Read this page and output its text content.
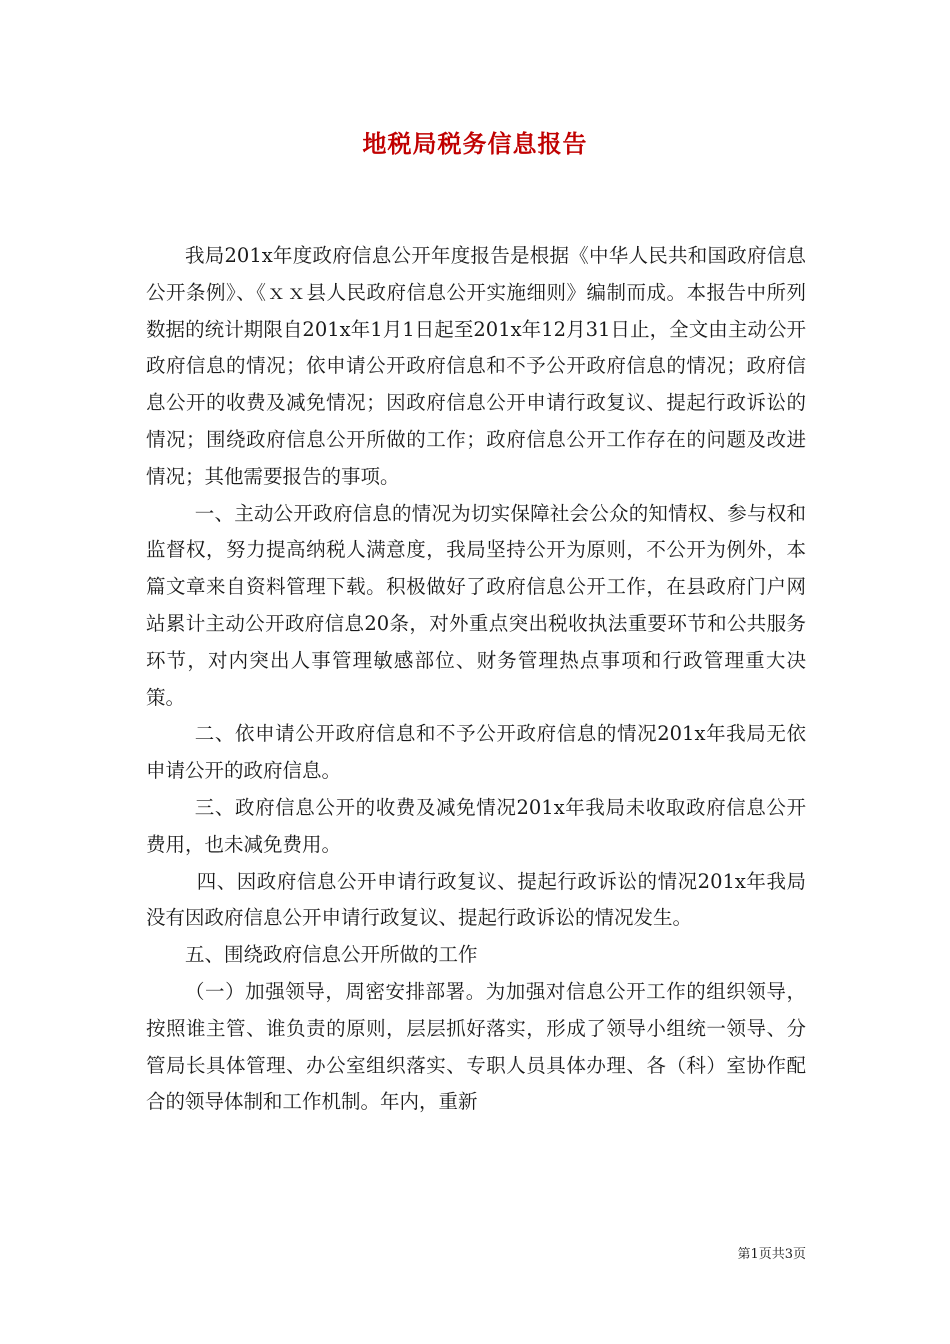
地税局税务信息报告

我局201x年度政府信息公开年度报告是根据《中华人民共和国政府信息公开条例》、《ｘｘ县人民政府信息公开实施细则》编制而成。本报告中所列数据的统计期限自201x年1月1日起至201x年12月31日止，全文由主动公开政府信息的情况；依申请公开政府信息和不予公开政府信息的情况；政府信息公开的收费及减免情况；因政府信息公开申请行政复议、提起行政诉讼的情况；围绕政府信息公开所做的工作；政府信息公开工作存在的问题及改进情况；其他需要报告的事项。

一、主动公开政府信息的情况为切实保障社会公众的知情权、参与权和监督权，努力提高纳税人满意度，我局坚持公开为原则，不公开为例外，本篇文章来自资料管理下载。积极做好了政府信息公开工作，在县政府门户网站累计主动公开政府信息20条，对外重点突出税收执法重要环节和公共服务环节，对内突出人事管理敏感部位、财务管理热点事项和行政管理重大决策。

二、依申请公开政府信息和不予公开政府信息的情况201x年我局无依申请公开的政府信息。

三、政府信息公开的收费及减免情况201x年我局未收取政府信息公开费用，也未减免费用。

四、因政府信息公开申请行政复议、提起行政诉讼的情况201x年我局没有因政府信息公开申请行政复议、提起行政诉讼的情况发生。

五、围绕政府信息公开所做的工作

（一）加强领导，周密安排部署。为加强对信息公开工作的组织领导，按照谁主管、谁负责的原则，层层抓好落实，形成了领导小组统一领导、分管局长具体管理、办公室组织落实、专职人员具体办理、各（科）室协作配合的领导体制和工作机制。年内，重新

第1页共3页
